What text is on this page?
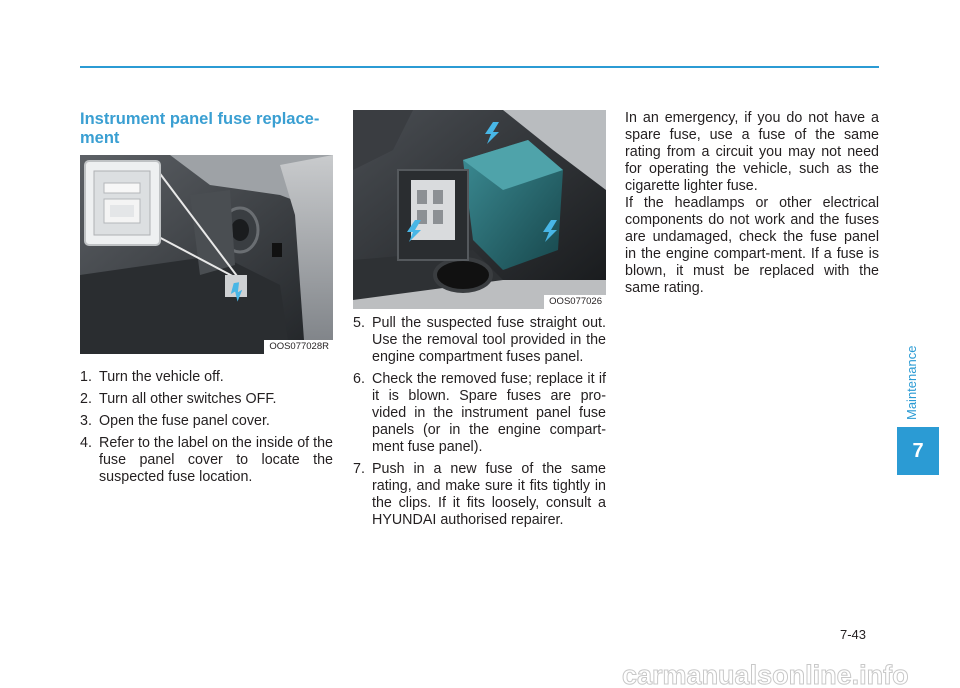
Instrument panel fuse replace-ment
OOS077028R
1. Turn the vehicle off.
2. Turn all other switches OFF.
3. Open the fuse panel cover.
4. Refer to the label on the inside of the fuse panel cover to locate the suspected fuse location.
OOS077026
5. Pull the suspected fuse straight out. Use the removal tool provided in the engine compartment fuses panel.
6. Check the removed fuse; replace it if it is blown. Spare fuses are pro-vided in the instrument panel fuse panels (or in the engine compart-ment fuse panel).
7. Push in a new fuse of the same rating, and make sure it fits tightly in the clips. If it fits loosely, consult a HYUNDAI authorised repairer.

In an emergency, if you do not have a spare fuse, use a fuse of the same rating from a circuit you may not need for operating the vehicle, such as the cigarette lighter fuse.

If the headlamps or other electrical components do not work and the fuses are undamaged, check the fuse panel in the engine compart-ment. If a fuse is blown, it must be replaced with the same rating.

Maintenance
7
7-43
carmanualsonline.info
